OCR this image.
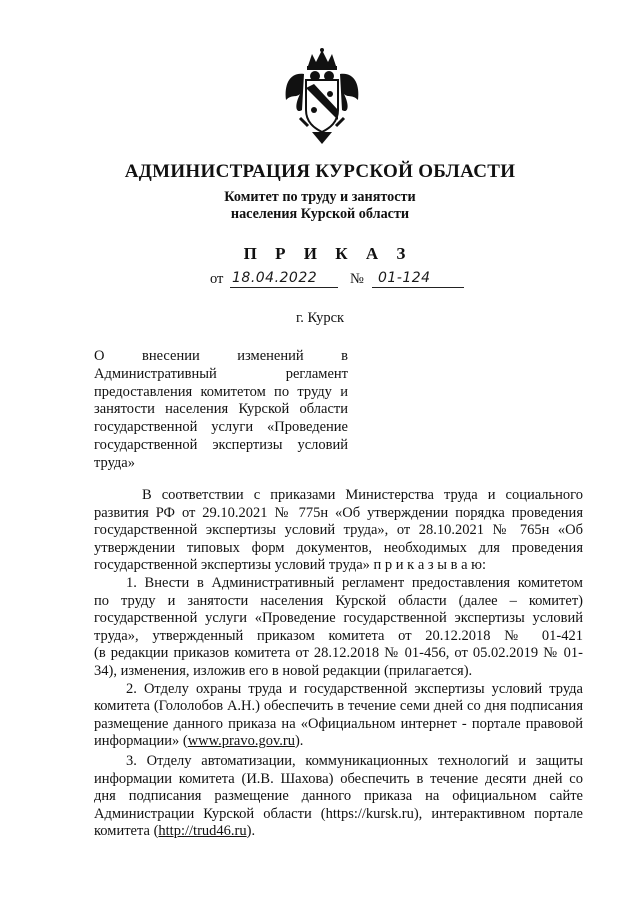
АДМИНИСТРАЦИЯ КУРСКОЙ ОБЛАСТИ
Комитет по труду и занятости
населения Курской области
П Р И К А З
от 18.04.2022 № 01-124
г. Курск
О внесении изменений в
Административный регламент
предоставления комитетом по труду и
занятости населения Курской области
государственной услуги «Проведение
государственной экспертизы условий
труда»
В соответствии с приказами Министерства труда и социального
развития РФ от 29.10.2021 № 775н «Об утверждении порядка проведения
государственной экспертизы условий труда», от 28.10.2021 № 765н «Об
утверждении типовых форм документов, необходимых для проведения
государственной экспертизы условий труда» п р и к а з ы в а ю:
1. Внести в Административный регламент предоставления комитетом
по труду и занятости населения Курской области (далее – комитет)
государственной услуги «Проведение государственной экспертизы условий
труда», утвержденный приказом комитета от 20.12.2018 № 01-421
(в редакции приказов комитета от 28.12.2018 № 01-456, от 05.02.2019 № 01-
34), изменения, изложив его в новой редакции (прилагается).
2. Отделу охраны труда и государственной экспертизы условий труда
комитета (Гололобов А.Н.) обеспечить в течение семи дней со дня подписания
размещение данного приказа на «Официальном интернет - портале правовой
информации» (www.pravo.gov.ru).
3. Отделу автоматизации, коммуникационных технологий и защиты
информации комитета (И.В. Шахова) обеспечить в течение десяти дней со
дня подписания размещение данного приказа на официальном сайте
Администрации Курской области (https://kursk.ru), интерактивном портале
комитета (http://trud46.ru).
